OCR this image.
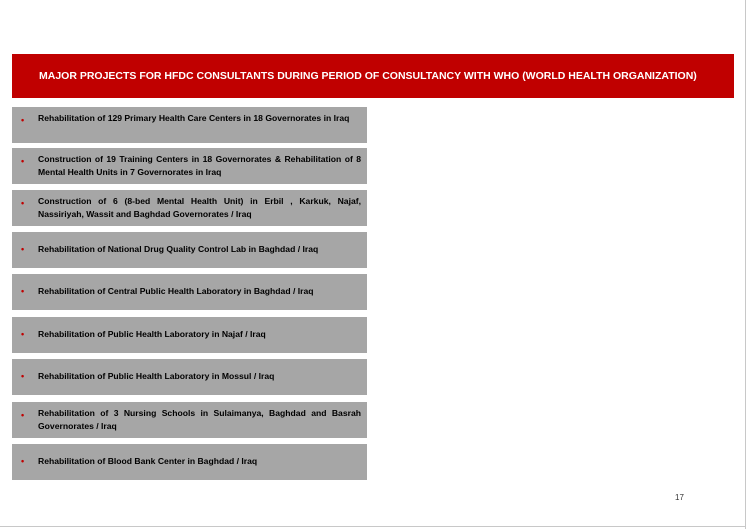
MAJOR PROJECTS FOR HFDC CONSULTANTS DURING PERIOD OF CONSULTANCY WITH WHO (WORLD HEALTH ORGANIZATION)
• Rehabilitation of 129 Primary Health Care Centers in 18 Governorates in Iraq
• Construction of 19 Training Centers in 18 Governorates & Rehabilitation of 8 Mental Health Units in 7 Governorates in Iraq
• Construction of 6 (8-bed Mental Health Unit) in Erbil , Karkuk, Najaf, Nassiriyah, Wassit and Baghdad Governorates / Iraq
• Rehabilitation of National Drug Quality Control Lab in Baghdad / Iraq
• Rehabilitation of Central Public Health Laboratory in Baghdad / Iraq
• Rehabilitation of Public Health Laboratory in Najaf / Iraq
• Rehabilitation of Public Health Laboratory in Mossul / Iraq
• Rehabilitation of 3 Nursing Schools in Sulaimanya, Baghdad and Basrah Governorates / Iraq
• Rehabilitation of Blood Bank Center in Baghdad / Iraq
17
